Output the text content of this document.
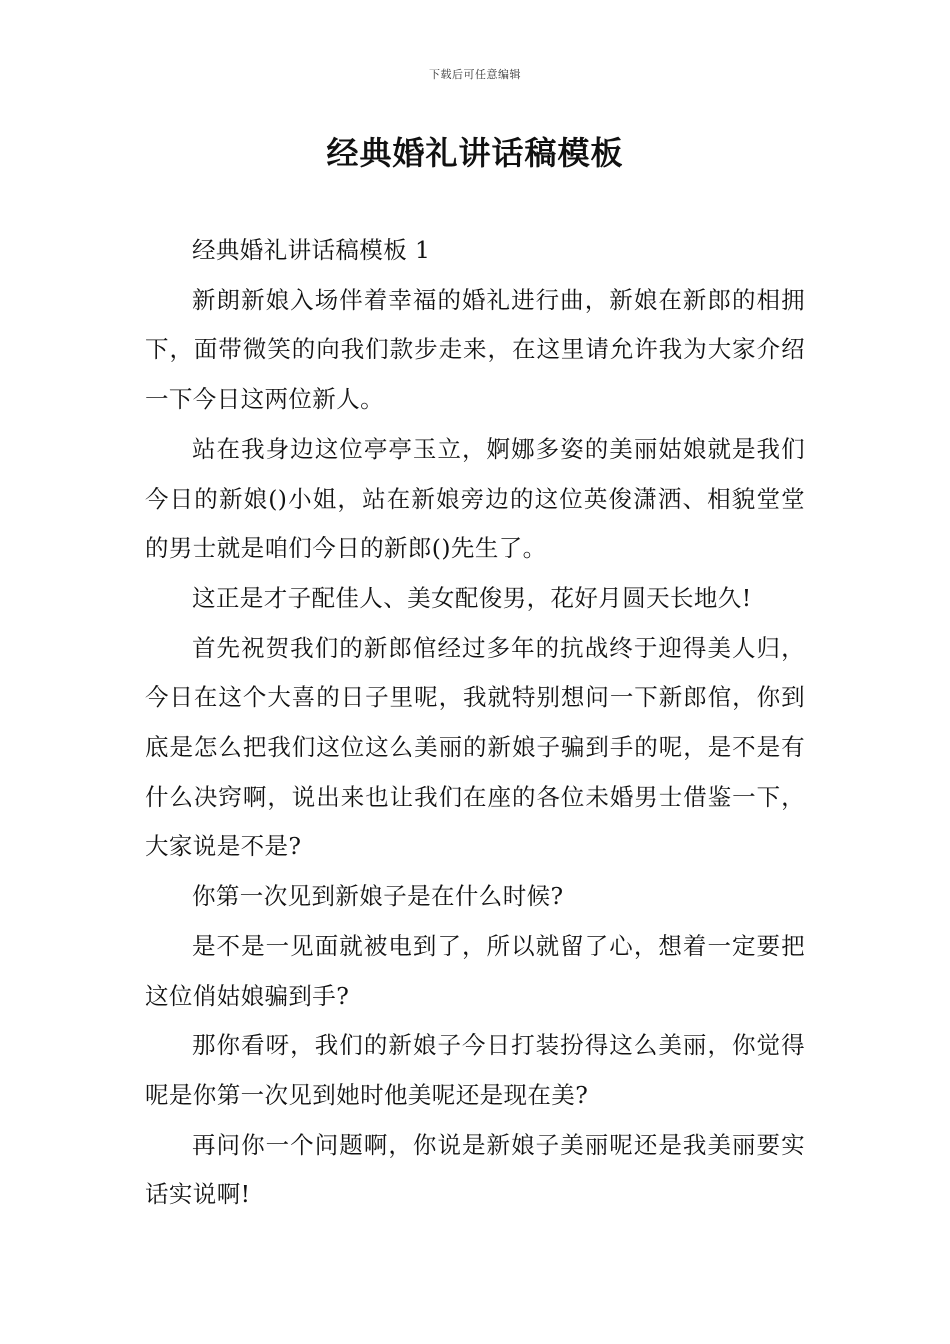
下载后可任意编辑
经典婚礼讲话稿模板

经典婚礼讲话稿模板 1

新朗新娘入场伴着幸福的婚礼进行曲，新娘在新郎的相拥下，面带微笑的向我们款步走来，在这里请允许我为大家介绍一下今日这两位新人。

站在我身边这位亭亭玉立，婀娜多姿的美丽姑娘就是我们今日的新娘()小姐，站在新娘旁边的这位英俊潇洒、相貌堂堂的男士就是咱们今日的新郎()先生了。

这正是才子配佳人、美女配俊男，花好月圆天长地久!

首先祝贺我们的新郎倌经过多年的抗战终于迎得美人归，今日在这个大喜的日子里呢，我就特别想问一下新郎倌，你到底是怎么把我们这位这么美丽的新娘子骗到手的呢，是不是有什么决窍啊，说出来也让我们在座的各位未婚男士借鉴一下，大家说是不是?

你第一次见到新娘子是在什么时候?

是不是一见面就被电到了，所以就留了心，想着一定要把这位俏姑娘骗到手?

那你看呀，我们的新娘子今日打装扮得这么美丽，你觉得呢是你第一次见到她时他美呢还是现在美?

再问你一个问题啊，你说是新娘子美丽呢还是我美丽要实话实说啊!
